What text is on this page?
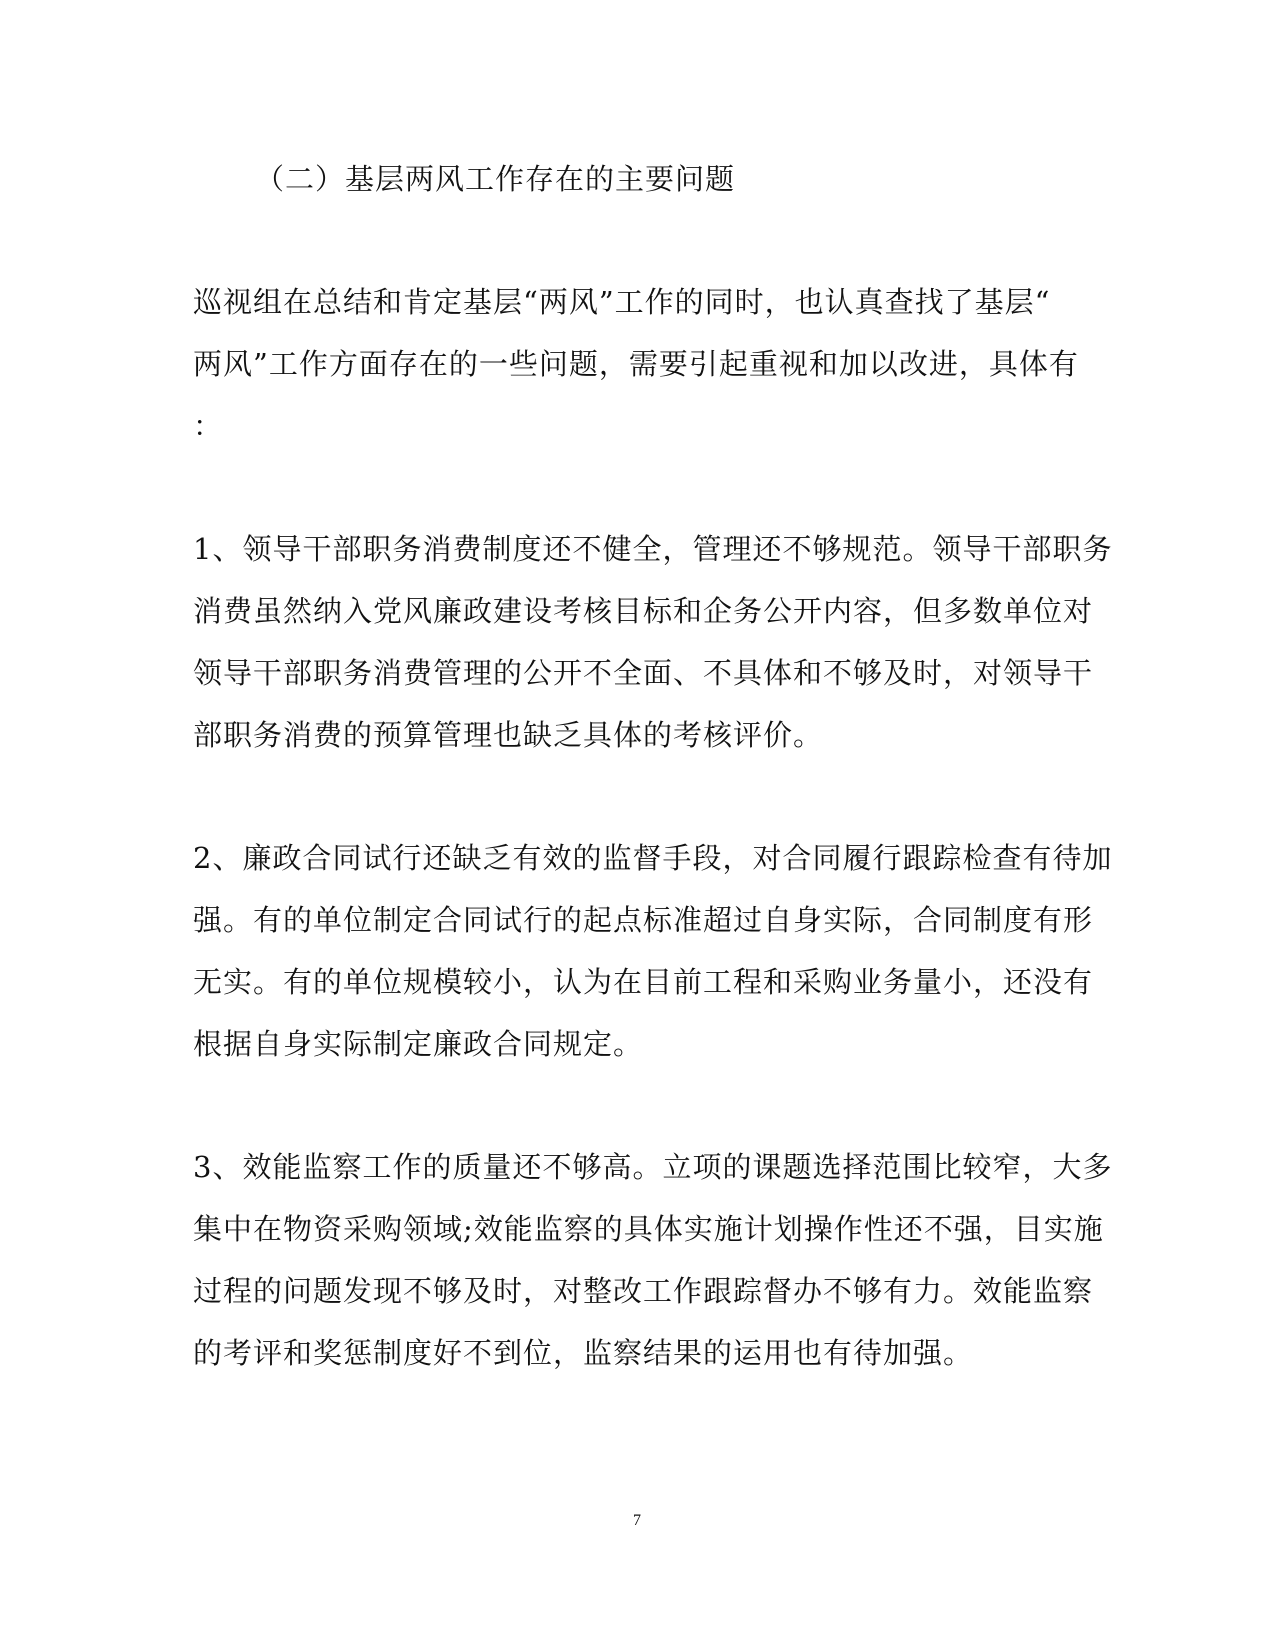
（二）基层两风工作存在的主要问题
巡视组在总结和肯定基层“两风”工作的同时，也认真查找了基层“
两风”工作方面存在的一些问题，需要引起重视和加以改进，具体有
：
1、领导干部职务消费制度还不健全，管理还不够规范。领导干部职务
消费虽然纳入党风廉政建设考核目标和企务公开内容，但多数单位对
领导干部职务消费管理的公开不全面、不具体和不够及时，对领导干
部职务消费的预算管理也缺乏具体的考核评价。
2、廉政合同试行还缺乏有效的监督手段，对合同履行跟踪检查有待加
强。有的单位制定合同试行的起点标准超过自身实际，合同制度有形
无实。有的单位规模较小，认为在目前工程和采购业务量小，还没有
根据自身实际制定廉政合同规定。
3、效能监察工作的质量还不够高。立项的课题选择范围比较窄，大多
集中在物资采购领域;效能监察的具体实施计划操作性还不强，目实施
过程的问题发现不够及时，对整改工作跟踪督办不够有力。效能监察
的考评和奖惩制度好不到位，监察结果的运用也有待加强。
7
